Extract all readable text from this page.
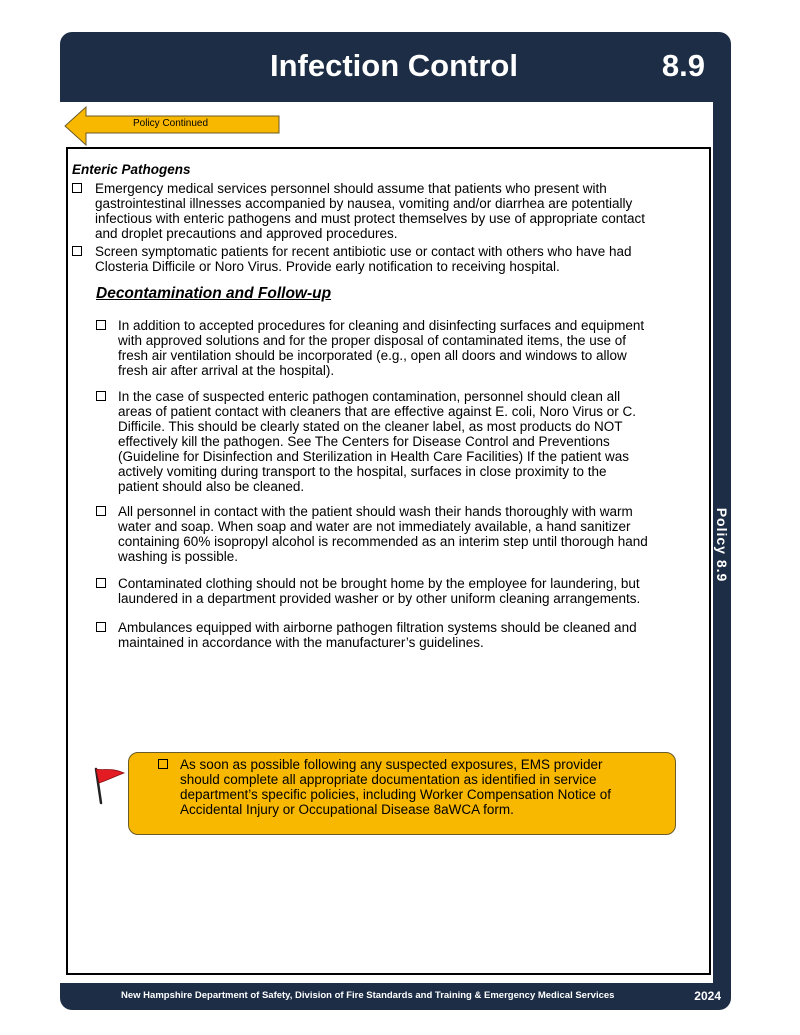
Infection Control	8.9
Policy 8.9
Policy Continued
Enteric Pathogens
Emergency medical services personnel should assume that patients who present with
gastrointestinal illnesses accompanied by nausea, vomiting and/or diarrhea are potentially
infectious with enteric pathogens and must protect themselves by use of appropriate contact
and droplet precautions and approved procedures.
Screen symptomatic patients for recent antibiotic use or contact with others who have had
Closteria Difficile or Noro Virus. Provide early notification to receiving hospital.
Decontamination and Follow-up
In addition to accepted procedures for cleaning and disinfecting surfaces and equipment
with approved solutions and for the proper disposal of contaminated items, the use of
fresh air ventilation should be incorporated (e.g., open all doors and windows to allow
fresh air after arrival at the hospital).
In the case of suspected enteric pathogen contamination, personnel should clean all
areas of patient contact with cleaners that are effective against E. coli, Noro Virus or C.
Difficile. This should be clearly stated on the cleaner label, as most products do NOT
effectively kill the pathogen. See The Centers for Disease Control and Preventions
(Guideline for Disinfection and Sterilization in Health Care Facilities) If the patient was
actively vomiting during transport to the hospital, surfaces in close proximity to the
patient should also be cleaned.
All personnel in contact with the patient should wash their hands thoroughly with warm
water and soap. When soap and water are not immediately available, a hand sanitizer
containing 60% isopropyl alcohol is recommended as an interim step until thorough hand
washing is possible.
Contaminated clothing should not be brought home by the employee for laundering, but
laundered in a department provided washer or by other uniform cleaning arrangements.
Ambulances equipped with airborne pathogen filtration systems should be cleaned and
maintained in accordance with the manufacturer’s guidelines.
As soon as possible following any suspected exposures, EMS provider
should complete all appropriate documentation as identified in service
department’s specific policies, including Worker Compensation Notice of
Accidental Injury or Occupational Disease 8aWCA form.
New Hampshire Department of Safety, Division of Fire Standards and Training & Emergency Medical Services	2024
